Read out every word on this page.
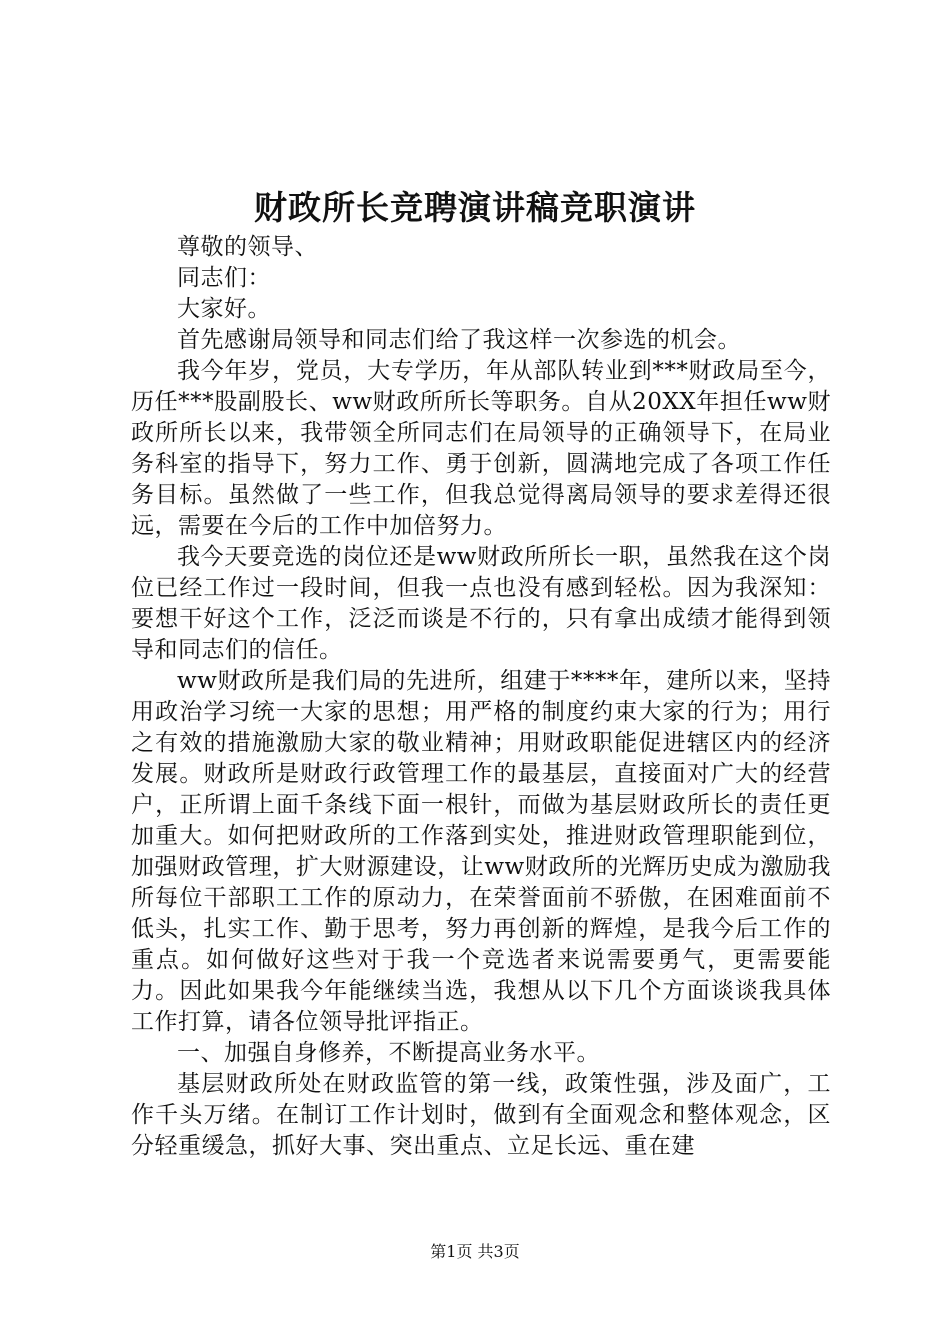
财政所长竞聘演讲稿竞职演讲

尊敬的领导、

同志们：

大家好。

首先感谢局领导和同志们给了我这样一次参选的机会。

我今年岁，党员，大专学历，年从部队转业到***财政局至今，历任***股副股长、ww财政所所长等职务。自从20XX年担任ww财政所所长以来，我带领全所同志们在局领导的正确领导下，在局业务科室的指导下，努力工作、勇于创新，圆满地完成了各项工作任务目标。虽然做了一些工作，但我总觉得离局领导的要求差得还很远，需要在今后的工作中加倍努力。

我今天要竞选的岗位还是ww财政所所长一职，虽然我在这个岗位已经工作过一段时间，但我一点也没有感到轻松。因为我深知：要想干好这个工作，泛泛而谈是不行的，只有拿出成绩才能得到领导和同志们的信任。

ww财政所是我们局的先进所，组建于****年，建所以来，坚持用政治学习统一大家的思想；用严格的制度约束大家的行为；用行之有效的措施激励大家的敬业精神；用财政职能促进辖区内的经济发展。财政所是财政行政管理工作的最基层，直接面对广大的经营户，正所谓上面千条线下面一根针，而做为基层财政所长的责任更加重大。如何把财政所的工作落到实处，推进财政管理职能到位，加强财政管理，扩大财源建设，让ww财政所的光辉历史成为激励我所每位干部职工工作的原动力，在荣誉面前不骄傲，在困难面前不低头，扎实工作、勤于思考，努力再创新的辉煌，是我今后工作的重点。如何做好这些对于我一个竞选者来说需要勇气，更需要能力。因此如果我今年能继续当选，我想从以下几个方面谈谈我具体工作打算，请各位领导批评指正。

一、加强自身修养，不断提高业务水平。

基层财政所处在财政监管的第一线，政策性强，涉及面广，工作千头万绪。在制订工作计划时，做到有全面观念和整体观念，区分轻重缓急，抓好大事、突出重点、立足长远、重在建

第1页 共3页
